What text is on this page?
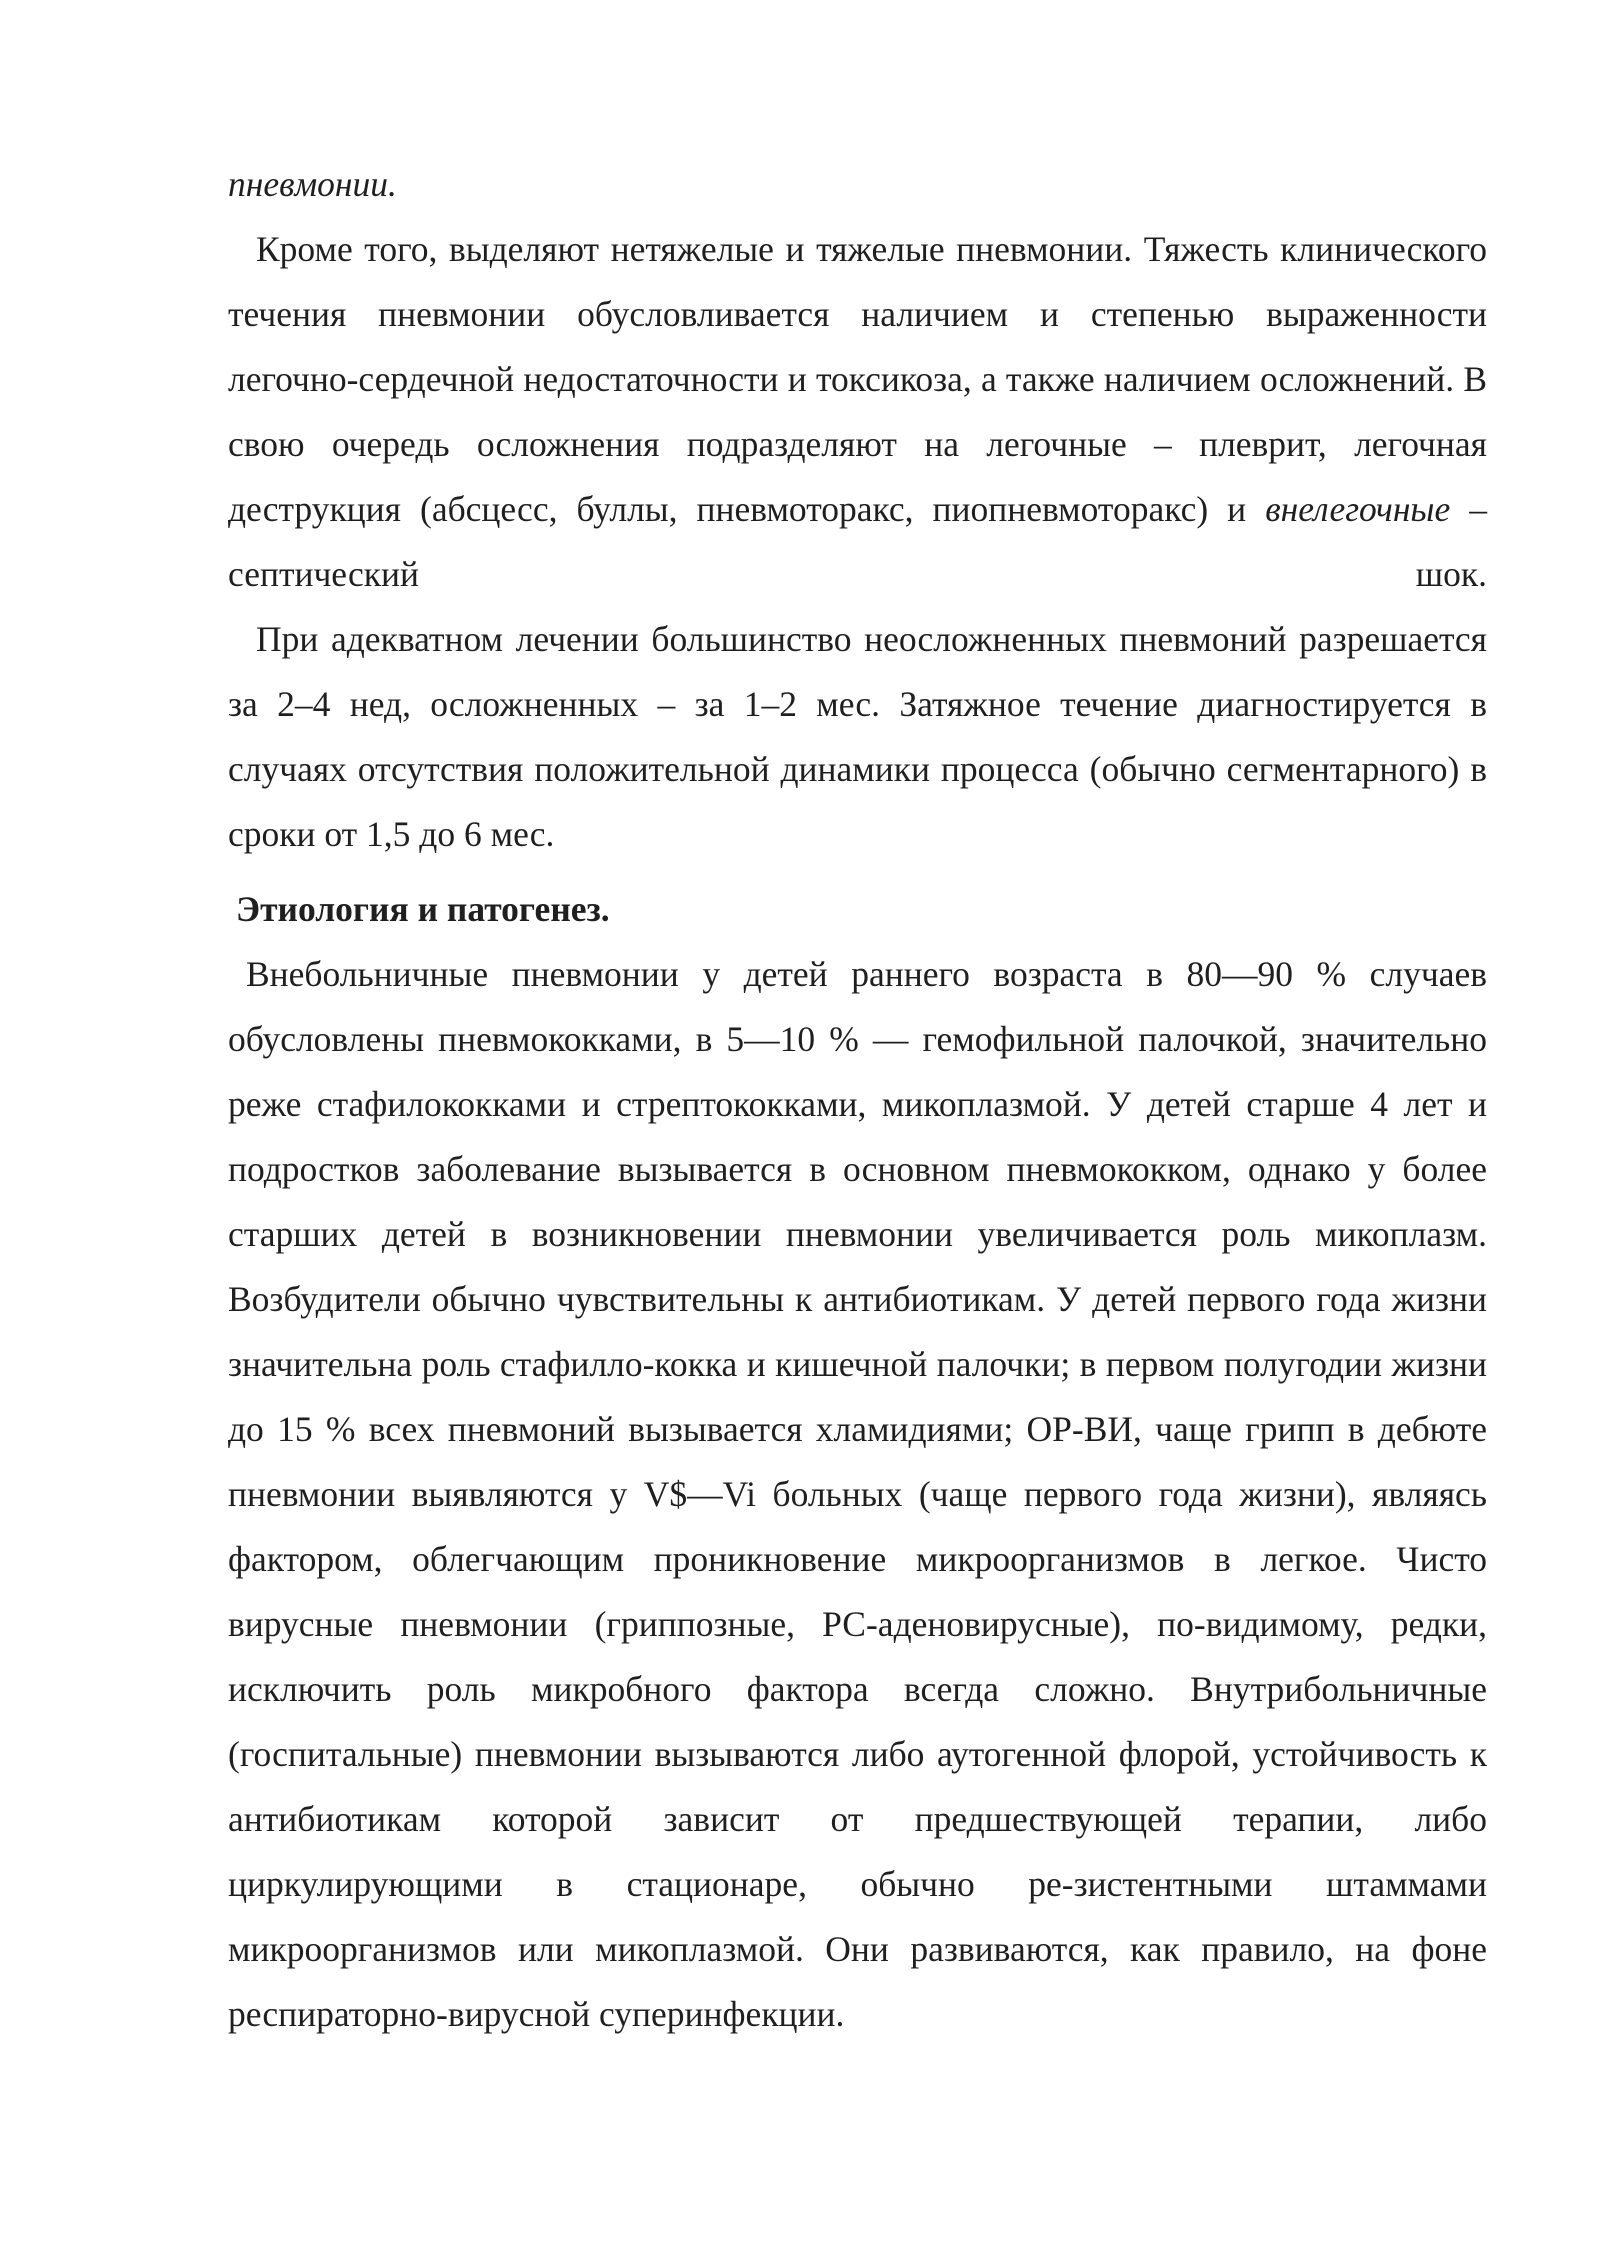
пневмонии.

Кроме того, выделяют нетяжелые и тяжелые пневмонии. Тяжесть клинического течения пневмонии обусловливается наличием и степенью выраженности легочно-сердечной недостаточности и токсикоза, а также наличием осложнений. В свою очередь осложнения подразделяют на легочные – плеврит, легочная деструкция (абсцесс, буллы, пневмоторакс, пиопневмоторакс) и внелегочные – септический шок.

При адекватном лечении большинство неосложненных пневмоний разрешается за 2–4 нед, осложненных – за 1–2 мес. Затяжное течение диагностируется в случаях отсутствия положительной динамики процесса (обычно сегментарного) в сроки от 1,5 до 6 мес.

Этиология и патогенез.

Внебольничные пневмонии у детей раннего возраста в 80—90 % случаев обусловлены пневмококками, в 5—10 % — гемофильной палочкой, значительно реже стафилококками и стрептококками, микоплазмой. У детей старше 4 лет и подростков заболевание вызывается в основном пневмококком, однако у более старших детей в возникновении пневмонии увеличивается роль микоплазм. Возбудители обычно чувствительны к антибиотикам. У детей первого года жизни значительна роль стафилло-кокка и кишечной палочки; в первом полугодии жизни до 15 % всех пневмоний вызывается хламидиями; ОР-ВИ, чаще грипп в дебюте пневмонии выявляются у V$—Vi больных (чаще первого года жизни), являясь фактором, облегчающим проникновение микроорганизмов в легкое. Чисто вирусные пневмонии (гриппозные, РС-аденовирусные), по-видимому, редки, исключить роль микробного фактора всегда сложно. Внутрибольничные (госпитальные) пневмонии вызываются либо аутогенной флорой, устойчивость к антибиотикам которой зависит от предшествующей терапии, либо циркулирующими в стационаре, обычно ре-зистентными штаммами микроорганизмов или микоплазмой. Они развиваются, как правило, на фоне респираторно-вирусной суперинфекции.
